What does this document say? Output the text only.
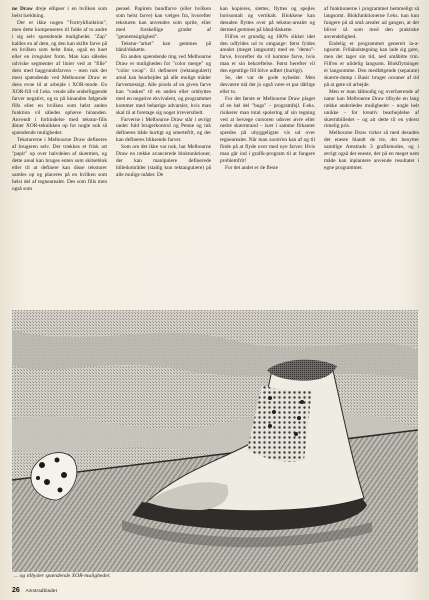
ne Draw dreje ellipser i en hvilken som helst hældning.

Der er ikke nogen "Fortrykfunktion", men dette kompenseres til fulde af to andre i sig selv spændende muligheder. "Zap" kaldes en af dem, og den kan skifte farve på en hvilken som helst linie, også en buet eller en irregulær form. Man kan således udviske segmenter af linier ved at "fille" dem med baggrundsfarven – men nok det mest spændende ved Melbourne Draw er dens evne til at arbejde i XOR-mode. En XOR-fill vil f.eks. vende alle underliggende farver negativt, og to på hinanden følgende fills eller en hvilken som helst anden funktion vil således ophæve hinanden. Anvendt i forbindelse med tekstur-fills åbner XOR-teknikken op for nogle nok så spændende muligheder.

Teksturerne i Melbourne Draw defineres af brugeren selv. Der trækkes et frisk art "papir" op over halvdelen af skærmen, og dette areal kan bruges enten som skitseblok eller til at definere kan disse teksturer samles op og placeres på en hvilken som helst del af tegnearealet. Des som fills men også som

pensel. Papirets bundfarve (eller hvilken som helst farve) kan vælges fra, hvorefter teksturen kan anvendes som sprite, eller med forskellige grader af "gennemsigtighed".

Tekstur-"arket" kan gemmes på bånd/diskette.

En anden spændende ting ved Melbourne Draw er muligheden for "color merge" og "color swap". Et defineret (rektangulært) areal kan bearbejdes på alle mulige måder farvemæssigt. Alle pixels af en given farve kan "vaskes" til en anden eller ombyttes med en negative ekvivalent, og programmet kommer med behørige advarsler, hvis man skal til at foretage sig noget irreversibelt.

Farverne i Melbourne Draw står i øvrigt under fuld brugerkontrol og Penne og ink defineres både hurtigt og smertefrit, og der kan defineres bliksende farver.

Som om det ikke var nok, har Melbourne Draw en række avancerede bloktunktioner, der kan manipulere definerede billedområder (stadig kun rektangulære) på alle mulige måder. De

kan kopieres, slettes, flyttes og spejles horisontalt og vertikalt. Blokkene kan desuden flyttes over på tekstur-arealet og dermed gemmes på bånd/diskette.

Fill'en er grundig og 100% sikker idet den udfyldes ud to omgange: først fyldes arealet (meget langsomt) med en "demo"-farve, hvorefter du vil komme farve, hvis man er sin bekræftelse. Først herefter vil den egentlige fill blive udført (hurtigt).

Se, det var de gode nyheder. Men desværre må det jo også være et par dårlige eller to.

For det første er Melbourne Draw plaget af en hel del "bugs" – programfejl. F.eks. risikerer man total spolering af sin tegning ved at bevæge cursoren udover øvre eller nedre skærmrand – især i samme firkanter spredes på uhyggeligste vis ud over tegnearealet. Når man zoom'en kan af og til finde på at flyde over med nye farver. Hvis man går ind i grafik-program til at fungere problemfrit!

For det andet er de fleste

af funktionerne i programmet hemmeligt så langsomt. Blokfunktionerne f.eks. kan kun fungere på så små arealer ad gangen, at det bliver så som med den praktiske anvendelighed.

Endelig er programmet generelt la-a-ngsomt. Frihåndstegning kan lade sig gøre, men det tager sin tid, ned småbitte trin. Fill'en er ulidelig langsom. Blokflytninger er langsomme. Den medfølgende (separate) skærm-dump i Basic bruger oceaner af tid på at gøre sit arbejde.

Men er man tålmodig og overbærende af natur kan Melbourne Draw tilbyde en lang række anderledes muligheder – nogle helt unikke – for kreativ bearbejdelse af skærmbilledet – og alt dette til en yderst rimelig pris.

Melbourne Draw virker så med desuden det eneste blandt de tre, der benytter samtlige Amstrads 3 grafikmodes, og i øvrigt også det eneste, der på en meget nem måde kan inplantere anvende resultatet i egne programmer.

... og tilbyder spændende XOR-muligheder.
26 Amstradbladet
